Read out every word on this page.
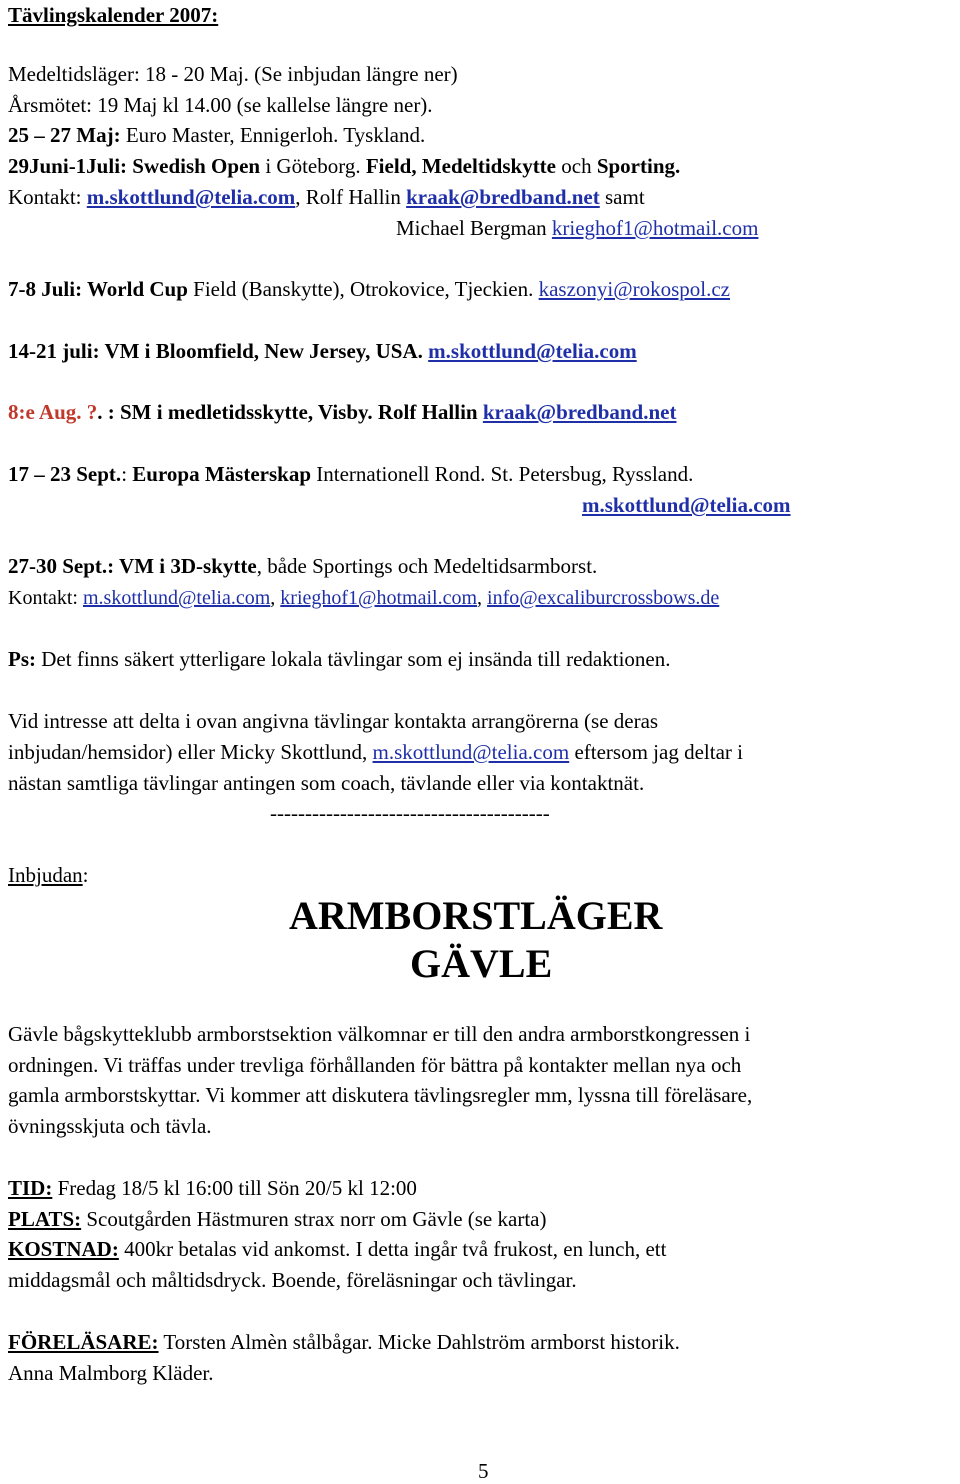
Tävlingskalender 2007:
Medeltidsläger: 18 - 20 Maj. (Se inbjudan längre ner)
Årsmötet: 19 Maj kl 14.00 (se kallelse längre ner).
25 – 27 Maj: Euro Master, Ennigerloh. Tyskland.
29Juni-1Juli: Swedish Open i Göteborg. Field, Medeltidskytte och Sporting.
Kontakt: m.skottlund@telia.com, Rolf Hallin kraak@bredband.net samt
Michael Bergman krieghof1@hotmail.com
7-8 Juli: World Cup Field (Banskytte), Otrokovice, Tjeckien. kaszonyi@rokospol.cz
14-21 juli: VM i Bloomfield, New Jersey, USA. m.skottlund@telia.com
8:e Aug. ?. : SM i medletidsskytte, Visby. Rolf Hallin kraak@bredband.net
17 – 23 Sept.: Europa Mästerskap Internationell Rond. St. Petersbug, Ryssland.
m.skottlund@telia.com
27-30 Sept.: VM i 3D-skytte, både Sportings och Medeltidsarmborst.
Kontakt: m.skottlund@telia.com, krieghof1@hotmail.com, info@excaliburcrossbows.de
Ps: Det finns säkert ytterligare lokala tävlingar som ej insända till redaktionen.
Vid intresse att delta i ovan angivna tävlingar kontakta arrangörerna (se deras
inbjudan/hemsidor) eller Micky Skottlund, m.skottlund@telia.com eftersom jag deltar i
nästan samtliga tävlingar antingen som coach, tävlande eller via kontaktnät.
----------------------------------------
Inbjudan:
ARMBORSTLÄGER
GÄVLE
Gävle bågskytteklubb armborstsektion välkomnar er till den andra armborstkongressen i
ordningen. Vi träffas under trevliga förhållanden för bättra på kontakter mellan nya och
gamla armborstskyttar. Vi kommer att diskutera tävlingsregler mm, lyssna till föreläsare,
övningsskjuta och tävla.
TID: Fredag 18/5 kl 16:00 till Sön 20/5 kl 12:00
PLATS: Scoutgården Hästmuren strax norr om Gävle (se karta)
KOSTNAD: 400kr betalas vid ankomst. I detta ingår två frukost, en lunch, ett
middagsmål och måltidsdryck. Boende, föreläsningar och tävlingar.
FÖRELÄSARE: Torsten Almèn stålbågar. Micke Dahlström armborst historik.
Anna Malmborg Kläder.
5
